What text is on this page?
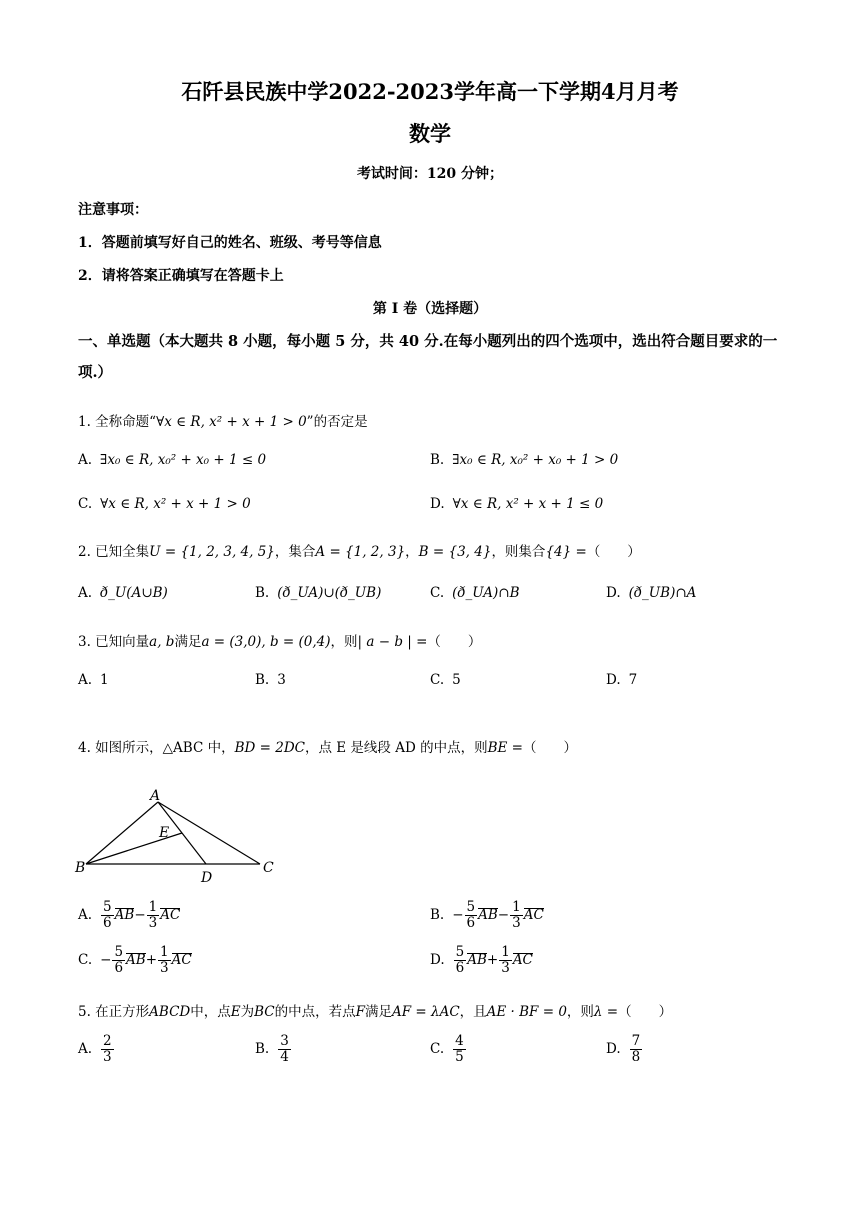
石阡县民族中学2022-2023学年高一下学期4月月考
数学
考试时间：120 分钟；
注意事项：
1．答题前填写好自己的姓名、班级、考号等信息
2．请将答案正确填写在答题卡上
第 I 卷（选择题）
一、单选题（本大题共 8 小题，每小题 5 分，共 40 分.在每小题列出的四个选项中，选出符合题目要求的一项.）
1. 全称命题“∀x ∈ R, x² + x + 1 > 0”的否定是
A. ∃x₀ ∈ R, x₀² + x₀ + 1 ≤ 0	B. ∃x₀ ∈ R, x₀² + x₀ + 1 > 0
C. ∀x ∈ R, x² + x + 1 > 0	D. ∀x ∈ R, x² + x + 1 ≤ 0
2. 已知全集U = {1, 2, 3, 4, 5}，集合A = {1, 2, 3}，B = {3, 4}，则集合{4} =（　　）
A. ð_U(A∪B)	B. (ð_UA)∪(ð_UB)	C. (ð_UA)∩B	D. (ð_UB)∩A
3. 已知向量a, b满足a = (3,0), b = (0,4)，则| a − b | =（　　）
A. 1	B. 3	C. 5	D. 7
4. 如图所示，△ABC 中，BD = 2DC，点 E 是线段 AD 的中点，则BE =（　　）
A
B	C
D
E
A. $\frac{5}{6} AB- \frac{1}{3}$ AC	B. − $\frac{5}{6} AB- \frac{1}{3}$ AC
C. − $\frac{5}{6} AB+ \frac{1}{3}$ AC	D. $\frac{5}{6} AB+ \frac{1}{3}$ AC
5. 在正方形ABCD中，点E为BC的中点，若点F满足AF = λAC，且AE · BF = 0，则λ =（　　）
A. $\frac{2}{3}$	B. $\frac{3}{4}$	C. $\frac{4}{5}$	D. $\frac{7}{8}$
